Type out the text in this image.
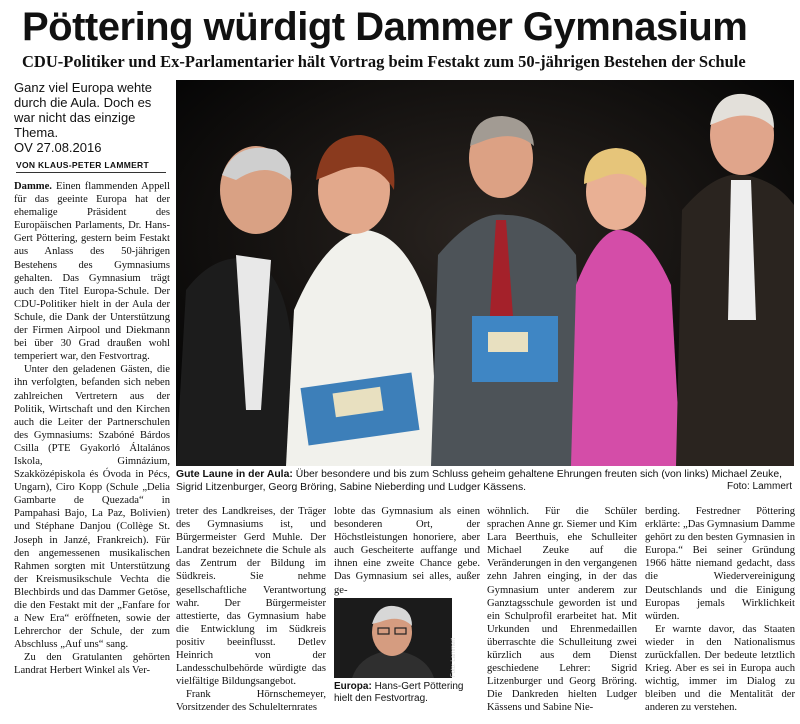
Pöttering würdigt Dammer Gymnasium
CDU-Politiker und Ex-Parlamentarier hält Vortrag beim Festakt zum 50-jährigen Bestehen der Schule
Ganz viel Europa wehte durch die Aula. Doch es war nicht das einzige Thema.
OV 27.08.2016
VON KLAUS-PETER LAMMERT

Damme. Einen flammenden Appell für das geeinte Europa hat der ehemalige Präsident des Europäischen Parlaments, Dr. Hans-Gert Pöttering, gestern beim Festakt aus Anlass des 50-jährigen Bestehens des Gymnasiums gehalten. Das Gymnasium trägt auch den Titel Europa-Schule. Der CDU-Politiker hielt in der Aula der Schule, die Dank der Unterstützung der Firmen Airpool und Diekmann bei über 30 Grad draußen wohl temperiert war, den Festvortrag.

Unter den geladenen Gästen, die ihn verfolgten, befanden sich neben zahlreichen Vertretern aus der Politik, Wirtschaft und den Kirchen auch die Leiter der Partnerschulen des Gymnasiums: Szabóné Bárdos Csilla (PTE Gyakorló Általános Iskola, Gimnázium, Szakközépiskola és Óvoda in Pécs, Ungarn), Ciro Kopp (Schule „Delia Gambarte de Quezada“ in Pampahasi Bajo, La Paz, Bolivien) und Stéphane Danjou (Collège St. Joseph in Janzé, Frankreich). Für den angemessenen musikalischen Rahmen sorgten mit Unterstützung der Kreismusikschule Vechta die Blechbirds und das Dammer Getöse, die den Festakt mit der „Fanfare for a New Era“ eröffneten, sowie der Lehrerchor der Schule, der zum Abschluss „Auf uns“ sang.

Zu den Gratulanten gehörten Landrat Herbert Winkel als Ver-

Gute Laune in der Aula: Über besondere und bis zum Schluss geheim gehaltene Ehrungen freuten sich (von links) Michael Zeuke, Sigrid Litzenburger, Georg Bröring, Sabine Nieberding und Ludger Kässens.	Foto: Lammert

treter des Landkreises, der Träger des Gymnasiums ist, und Bürgermeister Gerd Muhle. Der Landrat bezeichnete die Schule als das Zentrum der Bildung im Südkreis. Sie nehme gesellschaftliche Verantwortung wahr. Der Bürgermeister attestierte, das Gymnasium habe die Entwicklung im Südkreis positiv beeinflusst. Detlev Heinrich von der Landesschulbehörde würdigte das vielfältige Bildungsangebot.

Frank Hörnschemeyer, Vorsitzender des Schulelternrates

lobte das Gymnasium als einen besonderen Ort, der Höchstleistungen honoriere, aber auch Gescheiterte auffange und ihnen eine zweite Chance gebe. Das Gymnasium sei alles, außer ge-

Foto: Lammert
Europa: Hans-Gert Pöttering hielt den Festvortrag.

wöhnlich. Für die Schüler sprachen Anne gr. Siemer und Kim Lara Beerthuis, ehe Schulleiter Michael Zeuke auf die Veränderungen in den vergangenen zehn Jahren einging, in der das Gymnasium unter anderem zur Ganztagsschule geworden ist und ein Schulprofil erarbeitet hat. Mit Urkunden und Ehrenmedaillen überraschte die Schulleitung zwei kürzlich aus dem Dienst geschiedene Lehrer: Sigrid Litzenburger und Georg Bröring. Die Dankreden hielten Ludger Kässens und Sabine Nie-

berding. Festredner Pöttering erklärte: „Das Gymnasium Damme gehört zu den besten Gymnasien in Europa.“ Bei seiner Gründung 1966 hätte niemand gedacht, dass die Wiedervereinigung Deutschlands und die Einigung Europas jemals Wirklichkeit würden.

Er warnte davor, das Staaten wieder in den Nationalismus zurückfallen. Der bedeute letztlich Krieg. Aber es sei in Europa auch wichtig, immer im Dialog zu bleiben und die Mentalität der anderen zu verstehen.
